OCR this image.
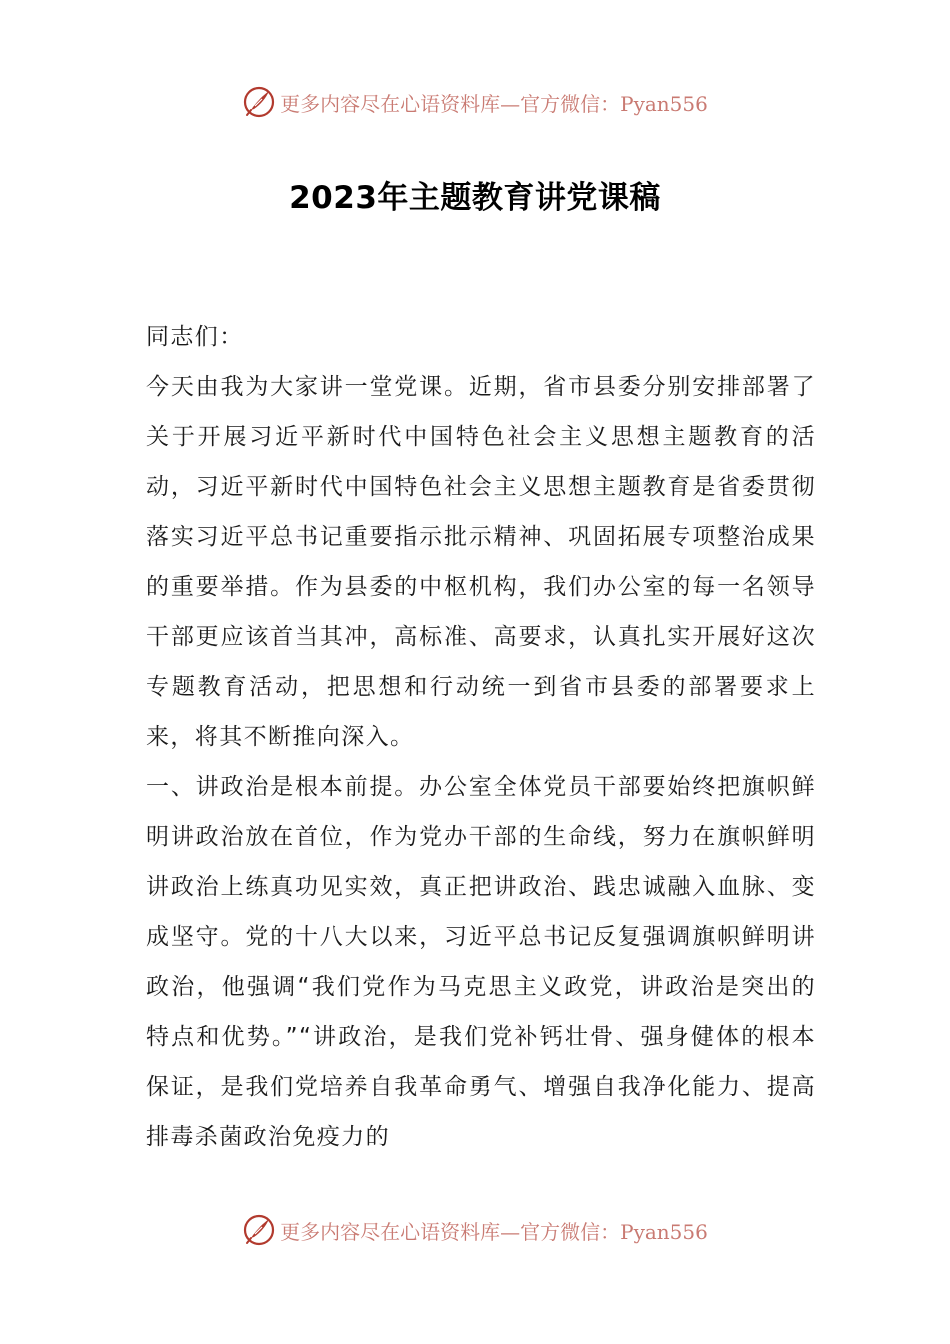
更多内容尽在心语资料库—官方微信：Pyan556
2023年主题教育讲党课稿

同志们：

今天由我为大家讲一堂党课。近期，省市县委分别安排部署了关于开展习近平新时代中国特色社会主义思想主题教育的活动，习近平新时代中国特色社会主义思想主题教育是省委贯彻落实习近平总书记重要指示批示精神、巩固拓展专项整治成果的重要举措。作为县委的中枢机构，我们办公室的每一名领导干部更应该首当其冲，高标准、高要求，认真扎实开展好这次专题教育活动，把思想和行动统一到省市县委的部署要求上来，将其不断推向深入。

一、讲政治是根本前提。办公室全体党员干部要始终把旗帜鲜明讲政治放在首位，作为党办干部的生命线，努力在旗帜鲜明讲政治上练真功见实效，真正把讲政治、践忠诚融入血脉、变成坚守。党的十八大以来，习近平总书记反复强调旗帜鲜明讲政治，他强调“我们党作为马克思主义政党，讲政治是突出的特点和优势。”“讲政治，是我们党补钙壮骨、强身健体的根本保证，是我们党培养自我革命勇气、增强自我净化能力、提高排毒杀菌政治免疫力的

更多内容尽在心语资料库—官方微信：Pyan556
